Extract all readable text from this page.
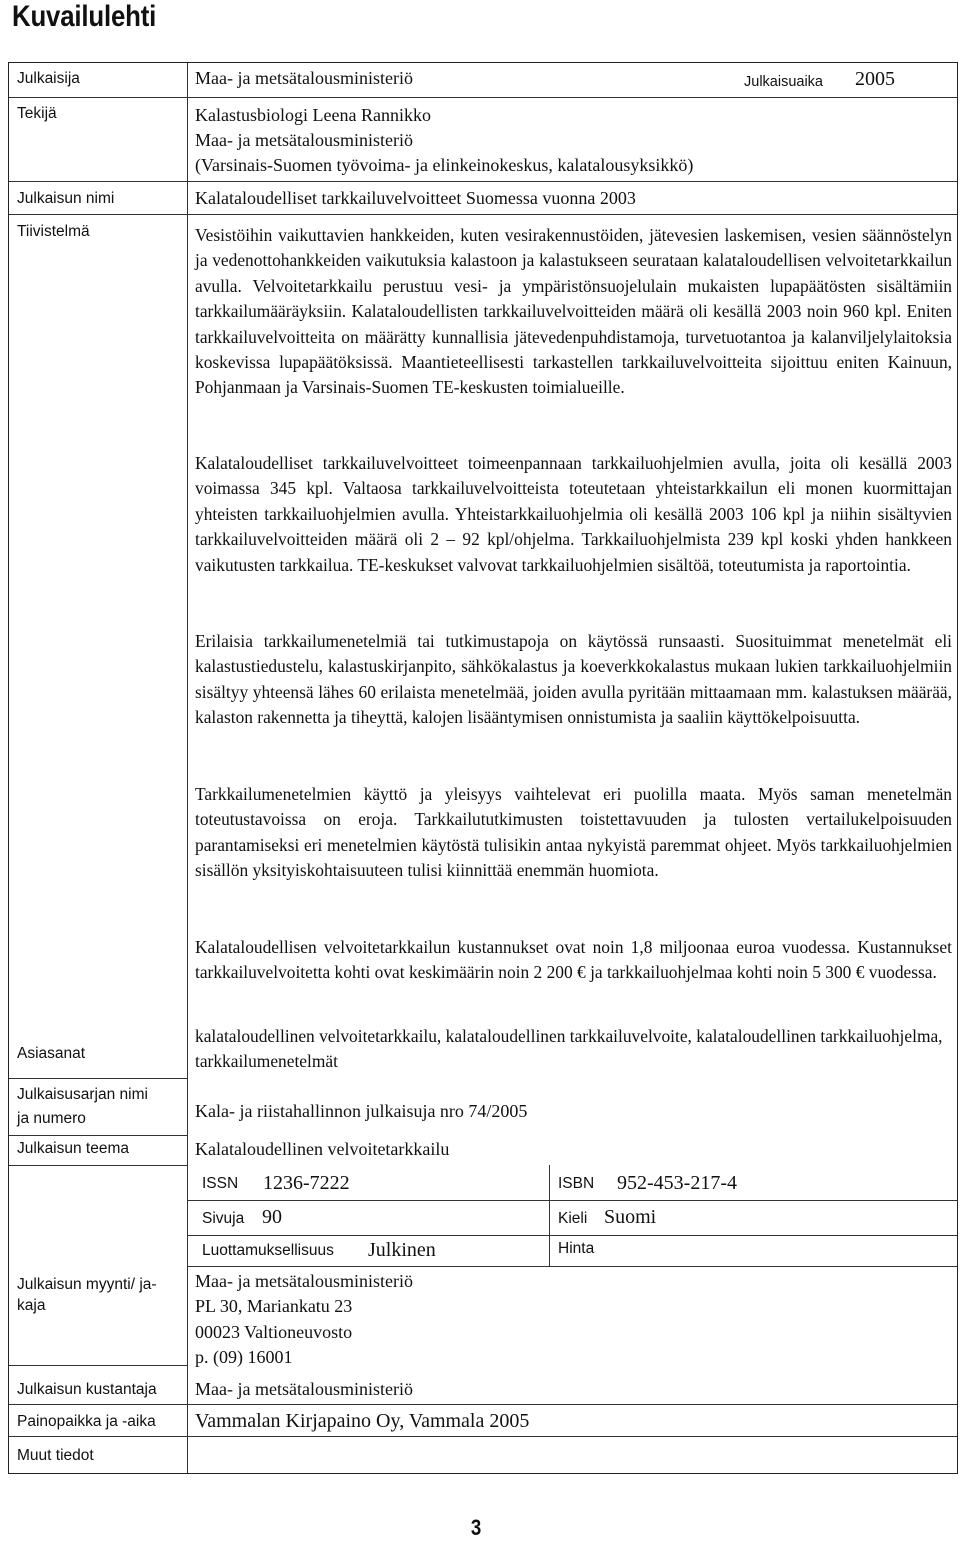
Kuvailulehti
Julkaisija	Maa- ja metsätalousministeriö	Julkaisuaika 2005
Tekijä	Kalastusbiologi Leena Rannikko
Maa- ja metsätalousministeriö
(Varsinais-Suomen työvoima- ja elinkeinokeskus, kalatalousyksikkö)
Julkaisun nimi	Kalataloudelliset tarkkailuvelvoitteet Suomessa vuonna 2003
Tiivistelmä	Vesistöihin vaikuttavien hankkeiden, kuten vesirakennustöiden, jätevesien laskemisen, vesien säännöstelyn ja vedenottohankkeiden vaikutuksia kalastoon ja kalastukseen seurataan kalataloudellisen velvoitetarkkailun avulla. Velvoitetarkkailu perustuu vesi- ja ympäristönsuojelulain mukaisten lupapäätösten sisältämiin tarkkailumääräyksiin. Kalataloudellisten tarkkailuvelvoitteiden määrä oli kesällä 2003 noin 960 kpl. Eniten tarkkailuvelvoitteita on määrätty kunnallisia jätevedenpuhdistamoja, turvetuotantoa ja kalanviljelylaitoksia koskevissa lupapäätöksissä. Maantieteellisesti tarkastellen tarkkailuvelvoitteita sijoittuu eniten Kainuun, Pohjanmaan ja Varsinais-Suomen TE-keskusten toimialueille.

Kalataloudelliset tarkkailuvelvoitteet toimeenpannaan tarkkailuohjelmien avulla, joita oli kesällä 2003 voimassa 345 kpl. Valtaosa tarkkailuvelvoitteista toteutetaan yhteistarkkailun eli monen kuormittajan yhteisten tarkkailuohjelmien avulla. Yhteistarkkailuohjelmia oli kesällä 2003 106 kpl ja niihin sisältyvien tarkkailuvelvoitteiden määrä oli 2 – 92 kpl/ohjelma. Tarkkailuohjelmista 239 kpl koski yhden hankkeen vaikutusten tarkkailua. TE-keskukset valvovat tarkkailuohjelmien sisältöä, toteutumista ja raportointia.

Erilaisia tarkkailumenetelmiä tai tutkimustapoja on käytössä runsaasti. Suosituimmat menetelmät eli kalastustiedustelu, kalastuskirjanpito, sähkökalastus ja koeverkkokalastus mukaan lukien tarkkailuohjelmiin sisältyy yhteensä lähes 60 erilaista menetelmää, joiden avulla pyritään mittaamaan mm. kalastuksen määrää, kalaston rakennetta ja tiheyttä, kalojen lisääntymisen onnistumista ja saaliin käyttökelpoisuutta.

Tarkkailumenetelmien käyttö ja yleisyys vaihtelevat eri puolilla maata. Myös saman menetelmän toteutustavoissa on eroja. Tarkkailututkimusten toistettavuuden ja tulosten vertailukelpoisuuden parantamiseksi eri menetelmien käytöstä tulisikin antaa nykyistä paremmat ohjeet. Myös tarkkailuohjelmien sisällön yksityiskohtaisuuteen tulisi kiinnittää enemmän huomiota.

Kalataloudellisen velvoitetarkkailun kustannukset ovat noin 1,8 miljoonaa euroa vuodessa. Kustannukset tarkkailuvelvoitetta kohti ovat keskimäärin noin 2 200 € ja tarkkailuohjelmaa kohti noin 5 300 € vuodessa.

Asiasanat

kalataloudellinen velvoitetarkkailu, kalataloudellinen tarkkailuvelvoite, kalataloudellinen tarkkailuohjelma, tarkkailumenetelmät

Julkaisusarjan nimi
ja numero	Kala- ja riistahallinnon julkaisuja nro 74/2005
Julkaisun teema	Kalataloudellinen velvoitetarkkailu
ISSN 1236-7222	ISBN 952-453-217-4
Sivuja 90	Kieli Suomi
Luottamuksellisuus Julkinen	Hinta
Julkaisun myynti/ ja-
kaja
Maa- ja metsätalousministeriö
PL 30, Mariankatu 23
00023 Valtioneuvosto
p. (09) 16001
Julkaisun kustantaja Maa- ja metsätalousministeriö
Painopaikka ja -aika Vammalan Kirjapaino Oy, Vammala 2005
Muut tiedot
3
